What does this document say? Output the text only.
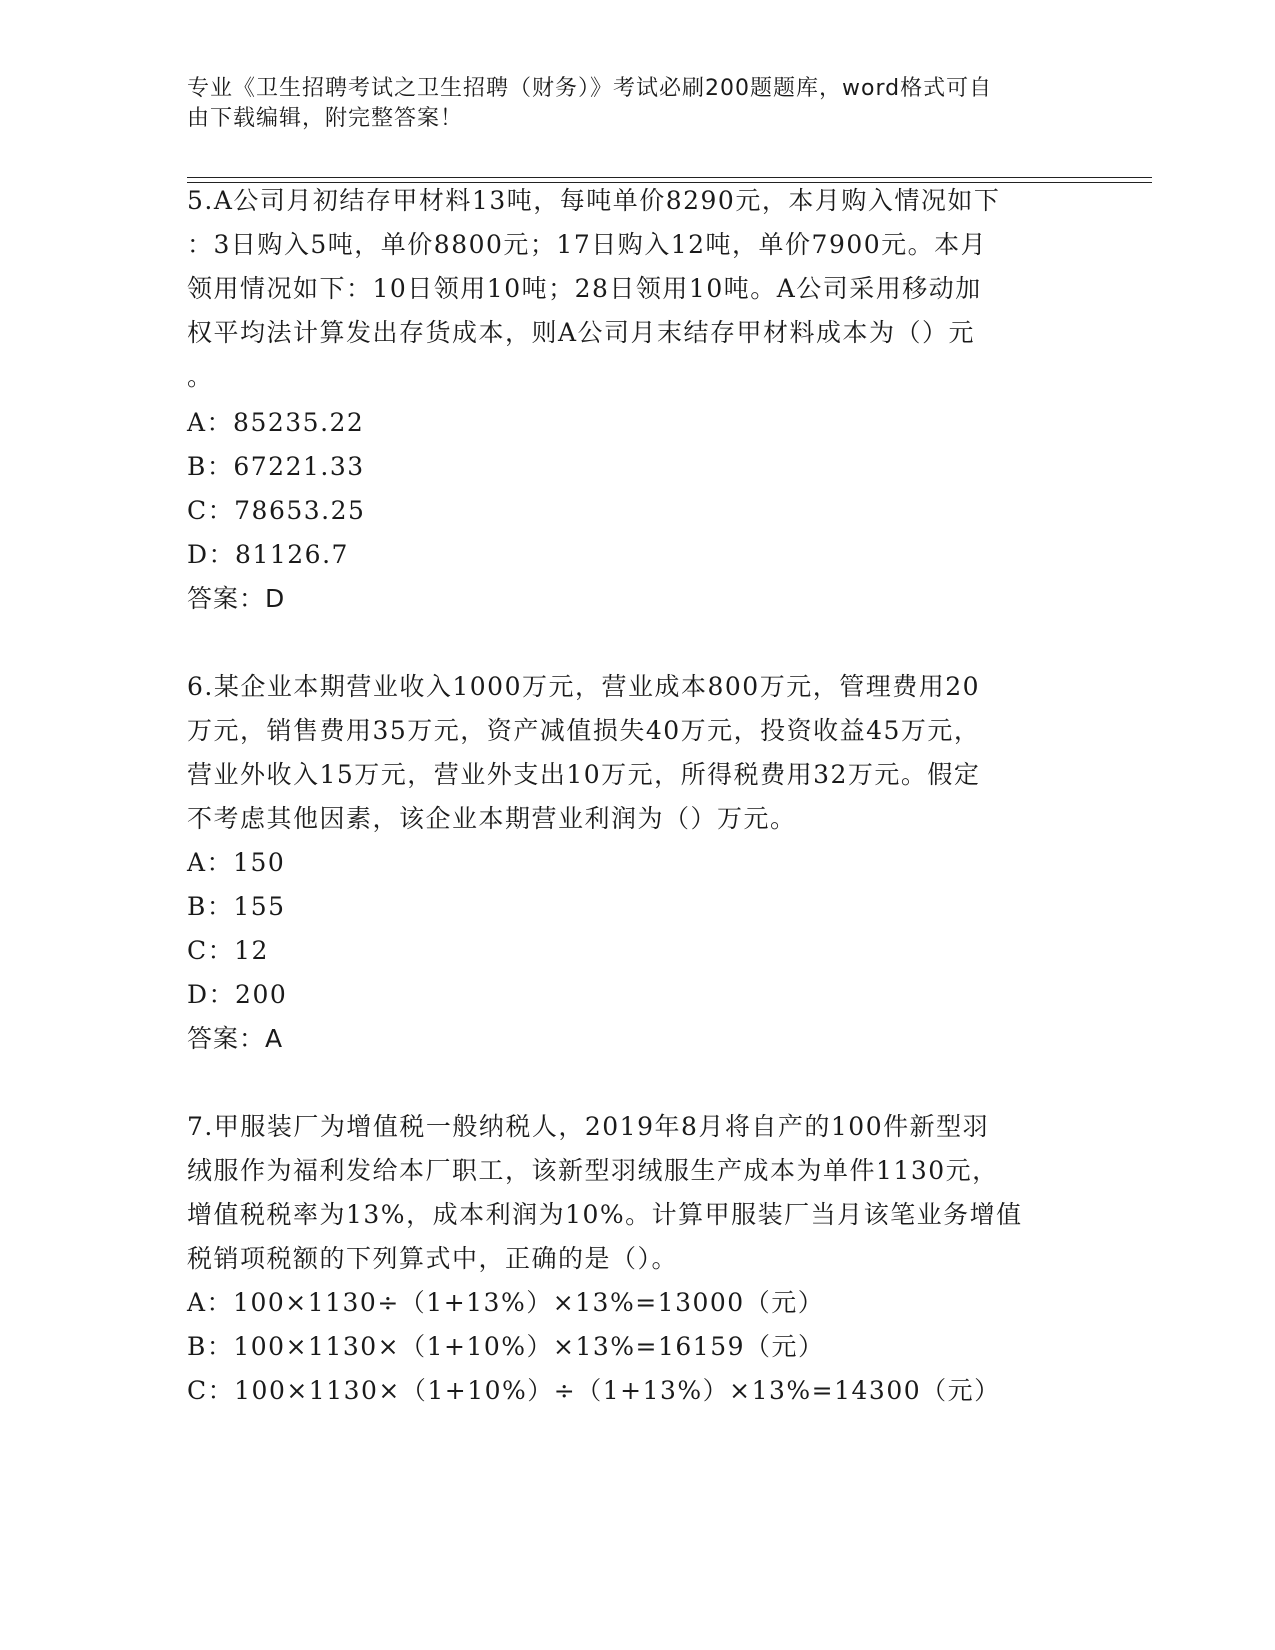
专业《卫生招聘考试之卫生招聘（财务）》考试必刷200题题库，word格式可自
由下载编辑，附完整答案！
5.A公司月初结存甲材料13吨，每吨单价8290元，本月购入情况如下
：3日购入5吨，单价8800元；17日购入12吨，单价7900元。本月
领用情况如下：10日领用10吨；28日领用10吨。A公司采用移动加
权平均法计算发出存货成本，则A公司月末结存甲材料成本为（）元
。
A：85235.22
B：67221.33
C：78653.25
D：81126.7
答案：D
6.某企业本期营业收入1000万元，营业成本800万元，管理费用20
万元，销售费用35万元，资产减值损失40万元，投资收益45万元，
营业外收入15万元，营业外支出10万元，所得税费用32万元。假定
不考虑其他因素，该企业本期营业利润为（）万元。
A：150
B：155
C：12
D：200
答案：A
7.甲服装厂为增值税一般纳税人，2019年8月将自产的100件新型羽
绒服作为福利发给本厂职工，该新型羽绒服生产成本为单件1130元，
增值税税率为13%，成本利润为10%。计算甲服装厂当月该笔业务增值
税销项税额的下列算式中，正确的是（）。
A：100×1130÷（1+13%）×13%=13000（元）
B：100×1130×（1+10%）×13%=16159（元）
C：100×1130×（1+10%）÷（1+13%）×13%=14300（元）
